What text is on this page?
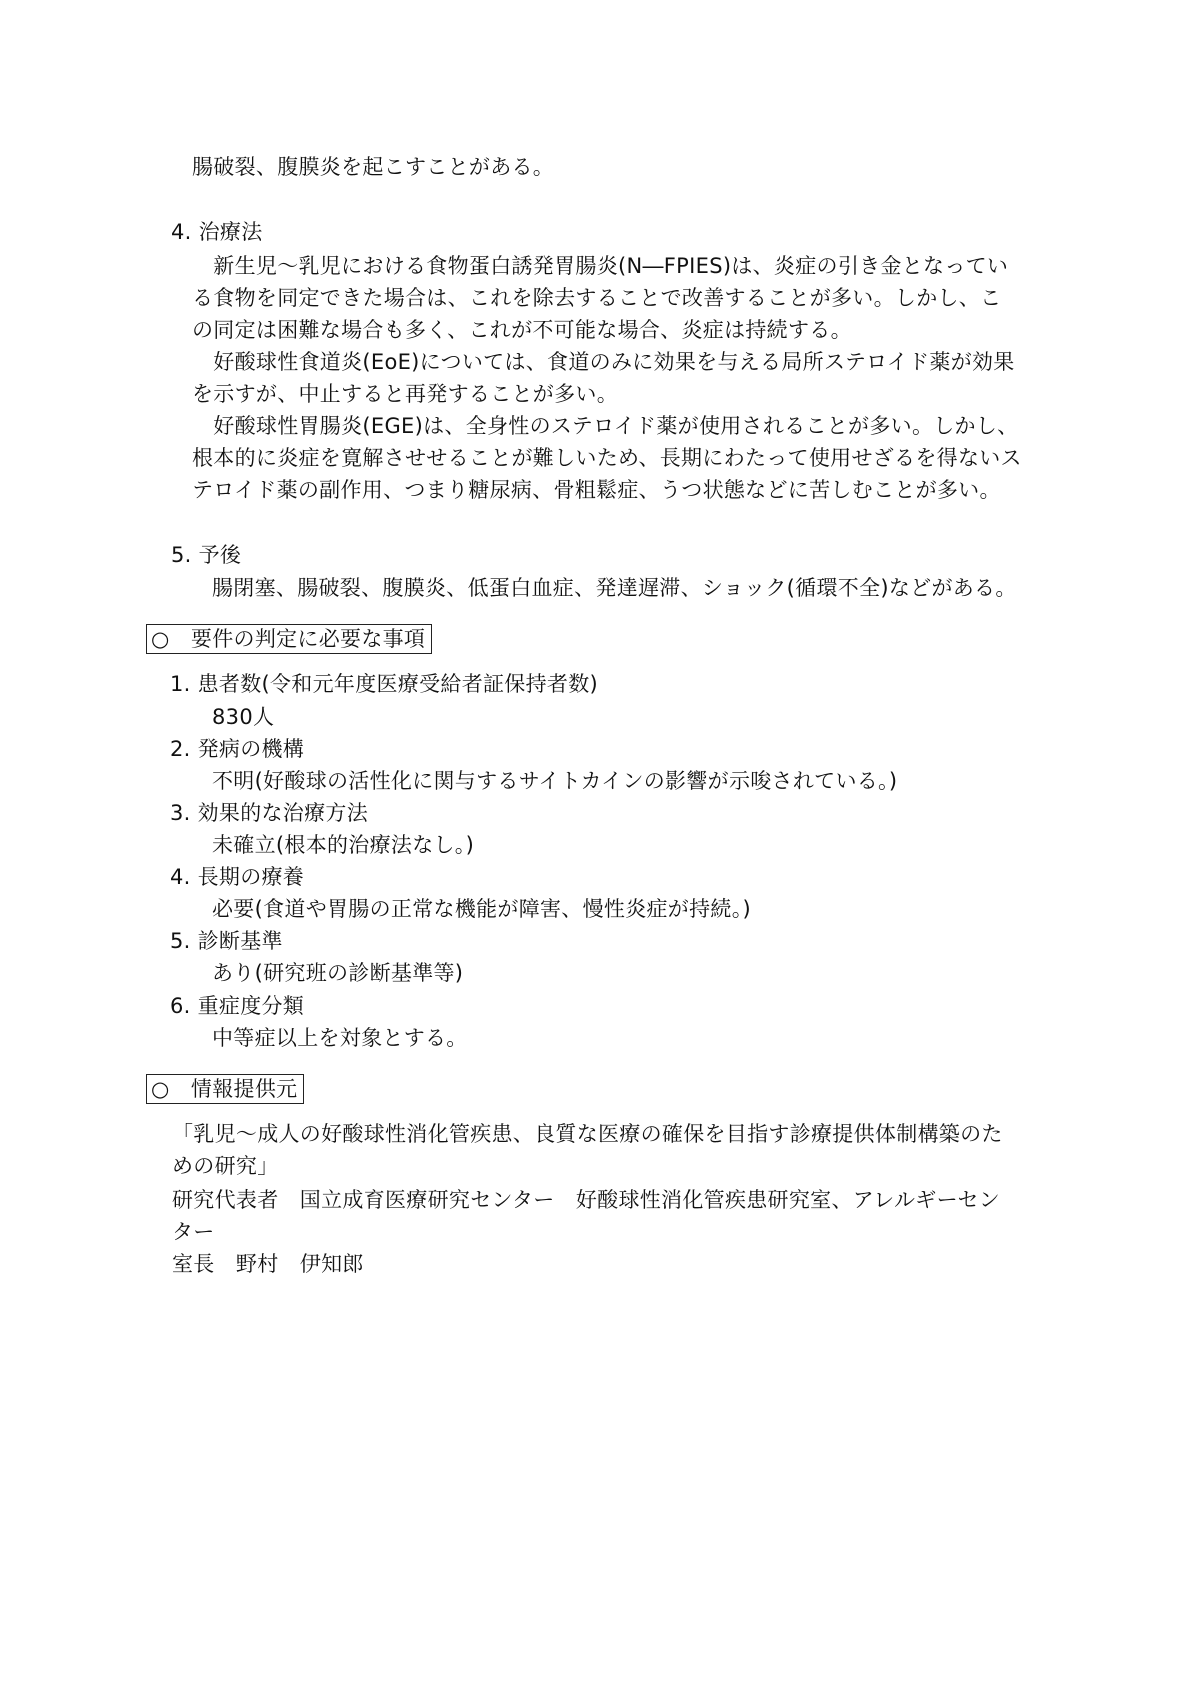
腸破裂、腹膜炎を起こすことがある。
4. 治療法
　新生児～乳児における食物蛋白誘発胃腸炎(N―FPIES)は、炎症の引き金となってい
る食物を同定できた場合は、これを除去することで改善することが多い。しかし、こ
の同定は困難な場合も多く、これが不可能な場合、炎症は持続する。
　好酸球性食道炎(EoE)については、食道のみに効果を与える局所ステロイド薬が効果
を示すが、中止すると再発することが多い。
　好酸球性胃腸炎(EGE)は、全身性のステロイド薬が使用されることが多い。しかし、
根本的に炎症を寛解させせることが難しいため、長期にわたって使用せざるを得ないス
テロイド薬の副作用、つまり糖尿病、骨粗鬆症、うつ状態などに苦しむことが多い。
5. 予後
腸閉塞、腸破裂、腹膜炎、低蛋白血症、発達遅滞、ショック(循環不全)などがある。
○　要件の判定に必要な事項
1. 患者数(令和元年度医療受給者証保持者数)
830人
2. 発病の機構
不明(好酸球の活性化に関与するサイトカインの影響が示唆されている。)
3. 効果的な治療方法
未確立(根本的治療法なし。)
4. 長期の療養
必要(食道や胃腸の正常な機能が障害、慢性炎症が持続。)
5. 診断基準
あり(研究班の診断基準等)
6. 重症度分類
中等症以上を対象とする。
○　情報提供元
「乳児～成人の好酸球性消化管疾患、良質な医療の確保を目指す診療提供体制構築のた
めの研究」
研究代表者　国立成育医療研究センター　好酸球性消化管疾患研究室、アレルギーセン
ター
室長　野村　伊知郎
